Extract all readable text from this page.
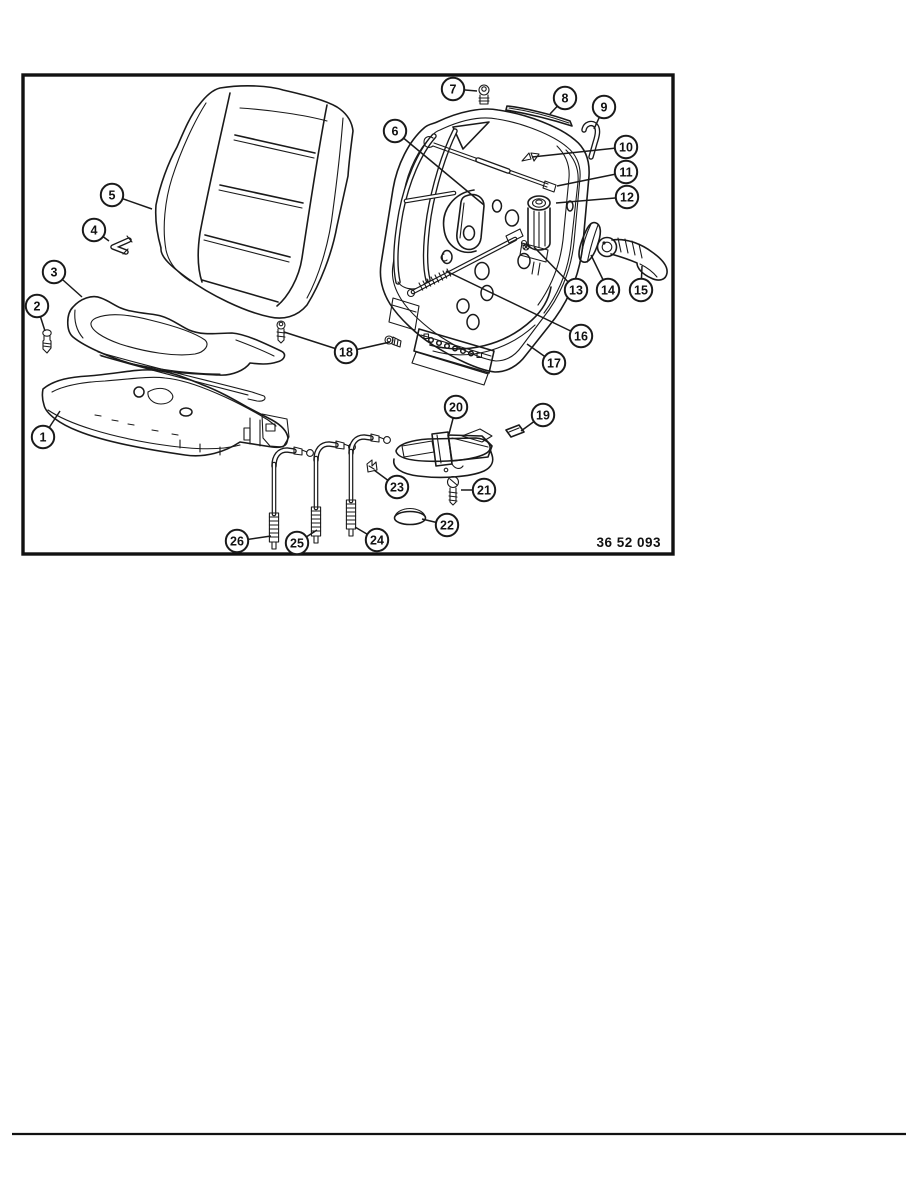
1
2
3
4
5
6
7
8
9
10
11
12
13 14 15
16
17
18
19
20
21
22
23
24
25
26	36 52 093
